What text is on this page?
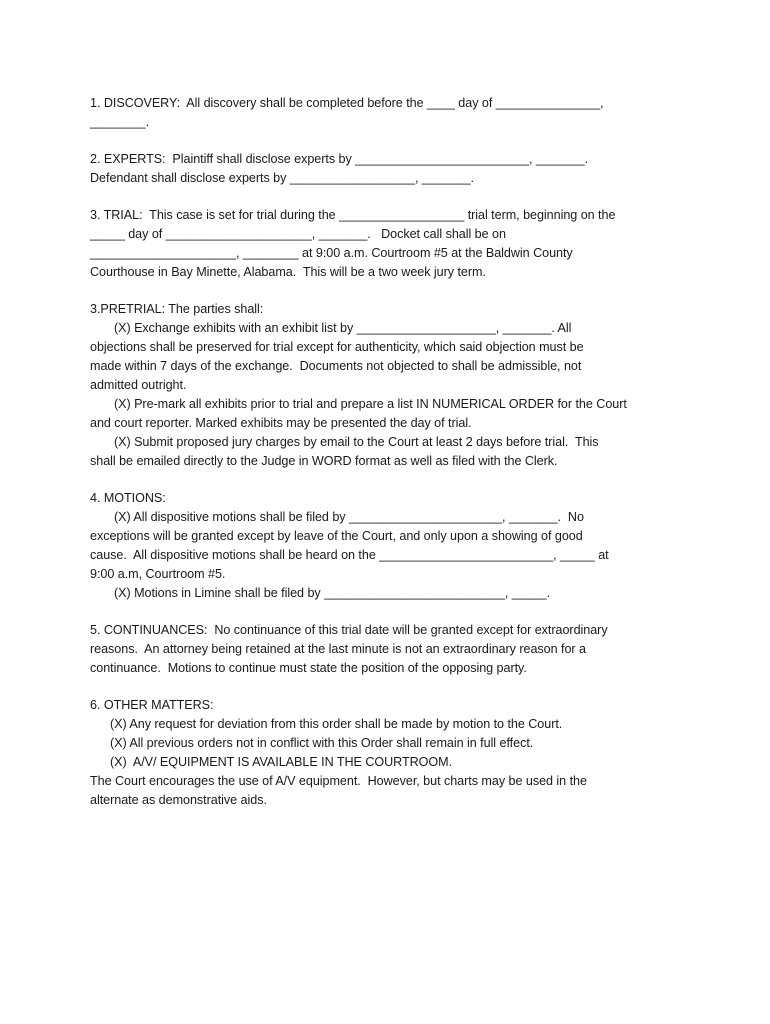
1. DISCOVERY:  All discovery shall be completed before the ____ day of _______________,
________.
2. EXPERTS:  Plaintiff shall disclose experts by _________________________, _______.
Defendant shall disclose experts by __________________, _______.
3. TRIAL:  This case is set for trial during the __________________ trial term, beginning on the
_____ day of _____________________, _______.   Docket call shall be on
_____________________, ________ at 9:00 a.m. Courtroom #5 at the Baldwin County
Courthouse in Bay Minette, Alabama.  This will be a two week jury term.
3.PRETRIAL: The parties shall:
(X) Exchange exhibits with an exhibit list by ____________________, _______. All
objections shall be preserved for trial except for authenticity, which said objection must be
made within 7 days of the exchange.  Documents not objected to shall be admissible, not
admitted outright.
(X) Pre-mark all exhibits prior to trial and prepare a list IN NUMERICAL ORDER for the Court
and court reporter. Marked exhibits may be presented the day of trial.
(X) Submit proposed jury charges by email to the Court at least 2 days before trial.  This
shall be emailed directly to the Judge in WORD format as well as filed with the Clerk.
4. MOTIONS:
(X) All dispositive motions shall be filed by ______________________, _______.  No
exceptions will be granted except by leave of the Court, and only upon a showing of good
cause.  All dispositive motions shall be heard on the _________________________, _____ at
9:00 a.m, Courtroom #5.
(X) Motions in Limine shall be filed by __________________________, _____.
5. CONTINUANCES:  No continuance of this trial date will be granted except for extraordinary
reasons.  An attorney being retained at the last minute is not an extraordinary reason for a
continuance.  Motions to continue must state the position of the opposing party.
6. OTHER MATTERS:
(X) Any request for deviation from this order shall be made by motion to the Court.
(X) All previous orders not in conflict with this Order shall remain in full effect.
(X)  A/V/ EQUIPMENT IS AVAILABLE IN THE COURTROOM.
The Court encourages the use of A/V equipment.  However, but charts may be used in the
alternate as demonstrative aids.
